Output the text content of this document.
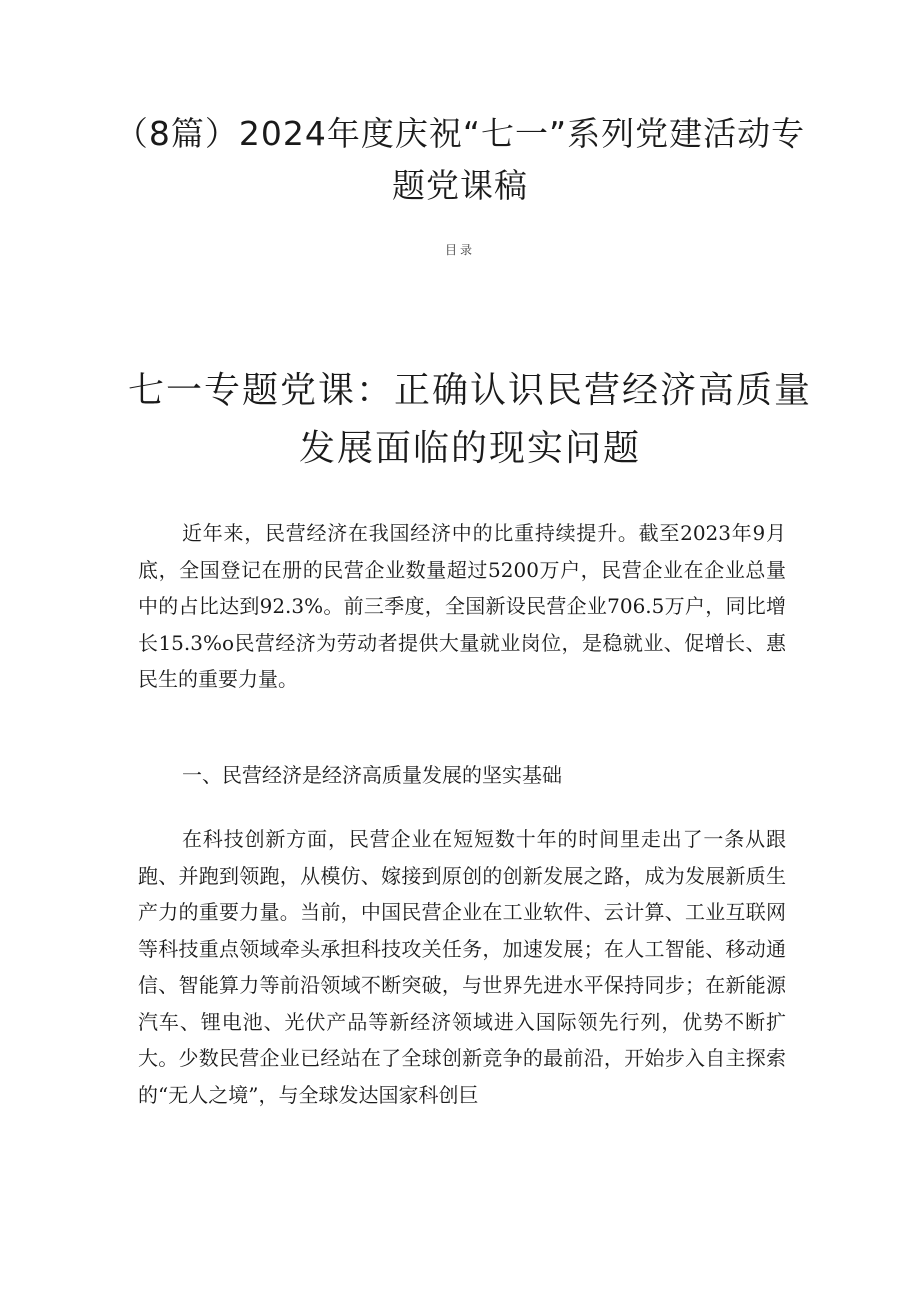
（8篇）2024年度庆祝“七一”系列党建活动专题党课稿
目录
七一专题党课：正确认识民营经济高质量发展面临的现实问题

近年来，民营经济在我国经济中的比重持续提升。截至2023年9月底，全国登记在册的民营企业数量超过5200万户，民营企业在企业总量中的占比达到92.3%。前三季度，全国新设民营企业706.5万户，同比增长15.3%o民营经济为劳动者提供大量就业岗位，是稳就业、促增长、惠民生的重要力量。

一、民营经济是经济高质量发展的坚实基础

在科技创新方面，民营企业在短短数十年的时间里走出了一条从跟跑、并跑到领跑，从模仿、嫁接到原创的创新发展之路，成为发展新质生产力的重要力量。当前，中国民营企业在工业软件、云计算、工业互联网等科技重点领域牵头承担科技攻关任务，加速发展；在人工智能、移动通信、智能算力等前沿领域不断突破，与世界先进水平保持同步；在新能源汽车、锂电池、光伏产品等新经济领域进入国际领先行列，优势不断扩大。少数民营企业已经站在了全球创新竞争的最前沿，开始步入自主探索的“无人之境”，与全球发达国家科创巨
